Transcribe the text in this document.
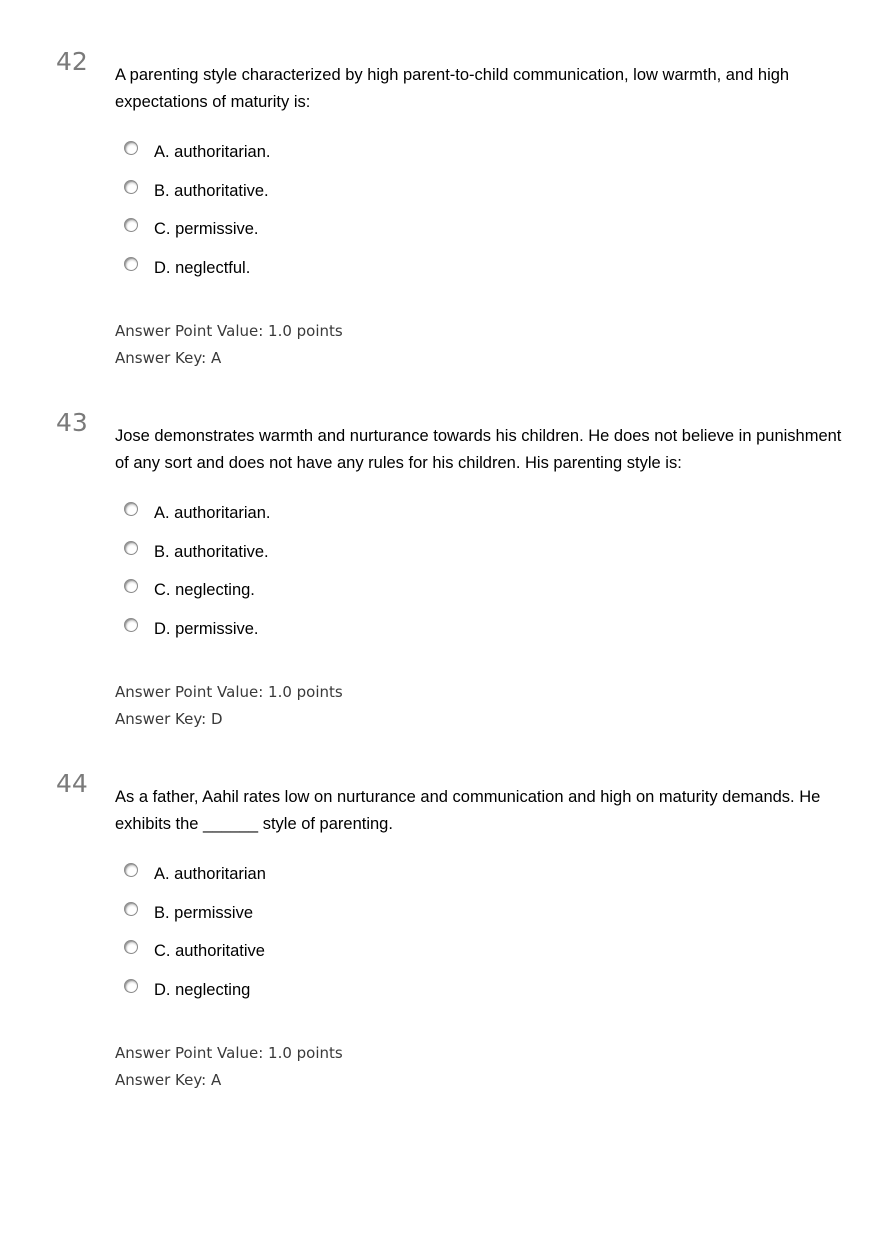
42 A parenting style characterized by high parent-to-child communication, low warmth, and high expectations of maturity is:
A. authoritarian.
B. authoritative.
C. permissive.
D. neglectful.
Answer Point Value: 1.0 points
Answer Key: A
43 Jose demonstrates warmth and nurturance towards his children. He does not believe in punishment of any sort and does not have any rules for his children. His parenting style is:
A. authoritarian.
B. authoritative.
C. neglecting.
D. permissive.
Answer Point Value: 1.0 points
Answer Key: D
44 As a father, Aahil rates low on nurturance and communication and high on maturity demands. He exhibits the ______ style of parenting.
A. authoritarian
B. permissive
C. authoritative
D. neglecting
Answer Point Value: 1.0 points
Answer Key: A
